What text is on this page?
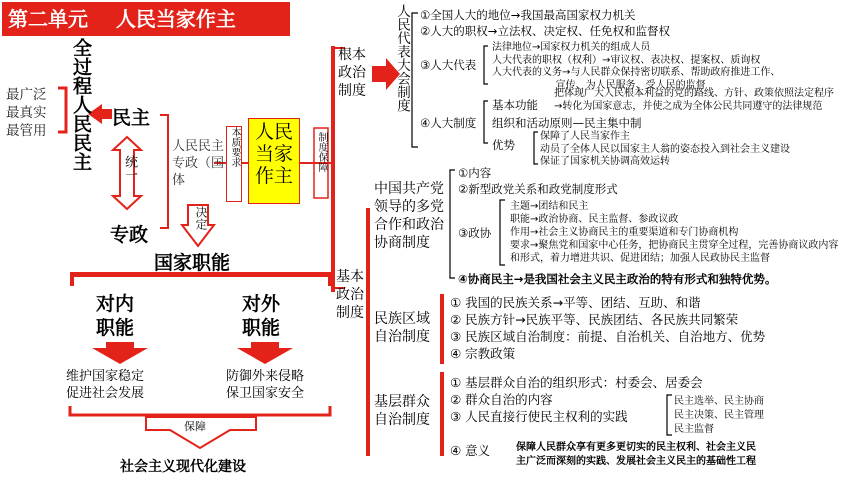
第二单元    人民当家作主
全过程人民民主
最广泛
最真实
最管用
民主
统一
专政
人民民主专政（国体
本质要求 人民当家作主
制度保障
决定
国家职能
对内职能
对外职能
维护国家稳定
促进社会发展
防御外来侵略
保卫国家安全
保障
社会主义现代化建设
根本政治制度	人民代表大会制度 ①全国人大的地位→我国最高国家权力机关
②人大的职权→立法权、决定权、任免权和监督权
③人大代表
法律地位→国家权力机关的组成人员
人大代表的职权（权利）→审议权、表决权、提案权、质询权
人大代表的义务→与人民群众保持密切联系、帮助政府推进工作、
宣传、为人民服务、受人民的监督
④人大制度
基本功能
把体现广大人民根本利益的党的路线、方针、政策依照法定程序
→转化为国家意志，并使之成为全体公民共同遵守的法律规范
组织和活动原则—民主集中制
优势
保障了人民当家作主
动员了全体人民以国家主人翁的姿态投入到社会主义建设
保证了国家机关协调高效运转
基本政治制度
中国共产党领导的多党合作和政治协商制度
①内容
②新型政党关系和政党制度形式
③政协
主题→团结和民主
职能→政治协商、民主监督、参政议政
作用→社会主义协商民主的重要渠道和专门协商机构
要求→聚焦党和国家中心任务，把协商民主贯穿全过程，完善协商议政内容
和形式，着力增进共识、促进团结；加强人民政协民主监督
④协商民主→是我国社会主义民主政治的特有形式和独特优势。
民族区域自治制度
① 我国的民族关系→平等、团结、互助、和谐
② 民族方针→民族平等、民族团结、各民族共同繁荣
③ 民族区域自治制度：前提、自治机关、自治地方、优势
④ 宗教政策
基层群众自治制度
① 基层群众自治的组织形式：村委会、居委会
② 群众自治的内容
③ 人民直接行使民主权利的实践
民主选举、民主协商
民主决策、民主管理
民主监督
④ 意义	保障人民群众享有更多更切实的民主权利、社会主义民
主广泛而深刻的实践、发展社会主义民主的基础性工程
